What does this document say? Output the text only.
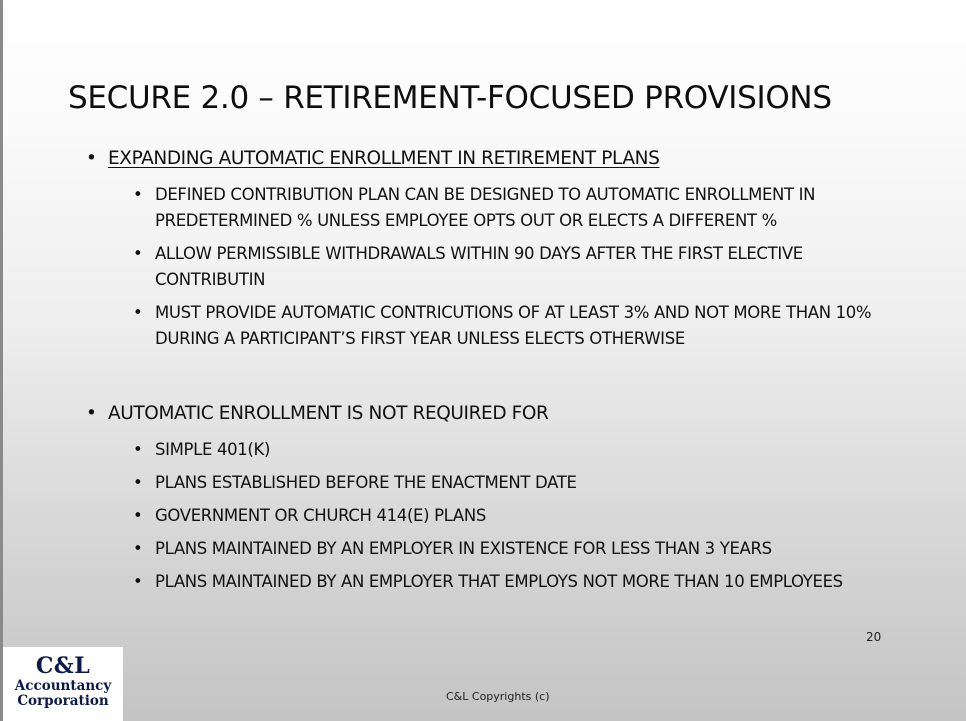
SECURE 2.0 – RETIREMENT-FOCUSED PROVISIONS
• EXPANDING AUTOMATIC ENROLLMENT IN RETIREMENT PLANS
• DEFINED CONTRIBUTION PLAN CAN BE DESIGNED TO AUTOMATIC ENROLLMENT IN PREDETERMINED % UNLESS EMPLOYEE OPTS OUT OR ELECTS A DIFFERENT %
• ALLOW PERMISSIBLE WITHDRAWALS WITHIN 90 DAYS AFTER THE FIRST ELECTIVE CONTRIBUTIN
• MUST PROVIDE AUTOMATIC CONTRICUTIONS OF AT LEAST 3% AND NOT MORE THAN 10% DURING A PARTICIPANT’S FIRST YEAR UNLESS ELECTS OTHERWISE
• AUTOMATIC ENROLLMENT IS NOT REQUIRED FOR
• SIMPLE 401(K)
• PLANS ESTABLISHED BEFORE THE ENACTMENT DATE
• GOVERNMENT OR CHURCH 414(E) PLANS
• PLANS MAINTAINED BY AN EMPLOYER IN EXISTENCE FOR LESS THAN 3 YEARS
• PLANS MAINTAINED BY AN EMPLOYER THAT EMPLOYS NOT MORE THAN 10 EMPLOYEES
20
C&L Copyrights (c)
C&L
Accountancy
Corporation
